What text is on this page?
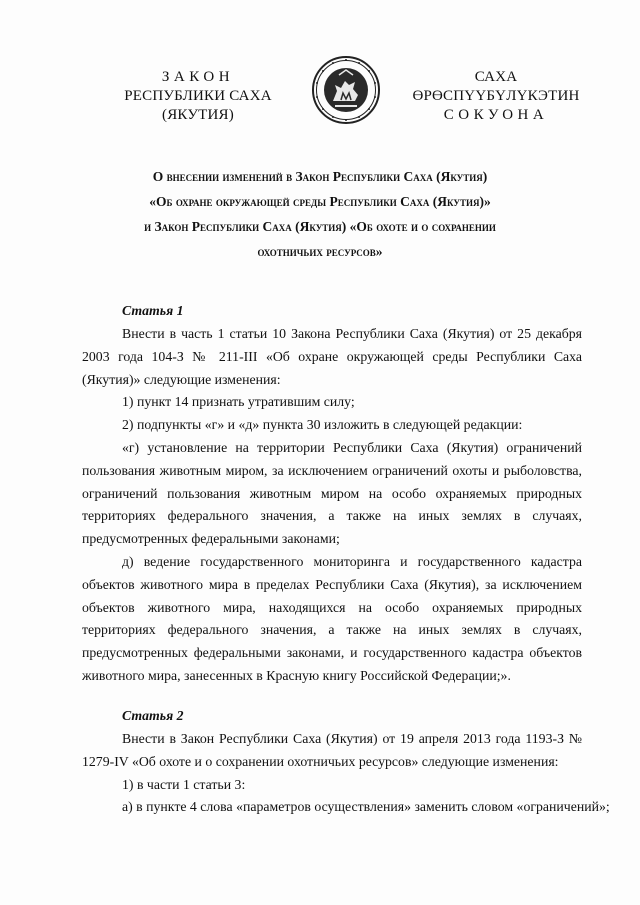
ЗАКОН
РЕСПУБЛИКИ САХА (ЯКУТИЯ)
САХА ӨРӨСПҮҮБҮЛҮКЭТИН
СОКУОНА
О внесении изменений в Закон Республики Саха (Якутия)
«Об охране окружающей среды Республики Саха (Якутия)»
и Закон Республики Саха (Якутия) «Об охоте и о сохранении
охотничьих ресурсов»
Статья 1

Внести в часть 1 статьи 10 Закона Республики Саха (Якутия) от 25 декабря 2003 года 104-З № 211-III «Об охране окружающей среды Республики Саха (Якутия)» следующие изменения:

1) пункт 14 признать утратившим силу;
2) подпункты «г» и «д» пункта 30 изложить в следующей редакции:

«г) установление на территории Республики Саха (Якутия) ограничений пользования животным миром, за исключением ограничений охоты и рыболовства, ограничений пользования животным миром на особо охраняемых природных территориях федерального значения, а также на иных землях в случаях, предусмотренных федеральными законами;

д) ведение государственного мониторинга и государственного кадастра объектов животного мира в пределах Республики Саха (Якутия), за исключением объектов животного мира, находящихся на особо охраняемых природных территориях федерального значения, а также на иных землях в случаях, предусмотренных федеральными законами, и государственного кадастра объектов животного мира, занесенных в Красную книгу Российской Федерации;».

Статья 2

Внести в Закон Республики Саха (Якутия) от 19 апреля 2013 года 1193-З № 1279-IV «Об охоте и о сохранении охотничьих ресурсов» следующие изменения:

1) в части 1 статьи 3:
а) в пункте 4 слова «параметров осуществления» заменить словом «ограничений»;
